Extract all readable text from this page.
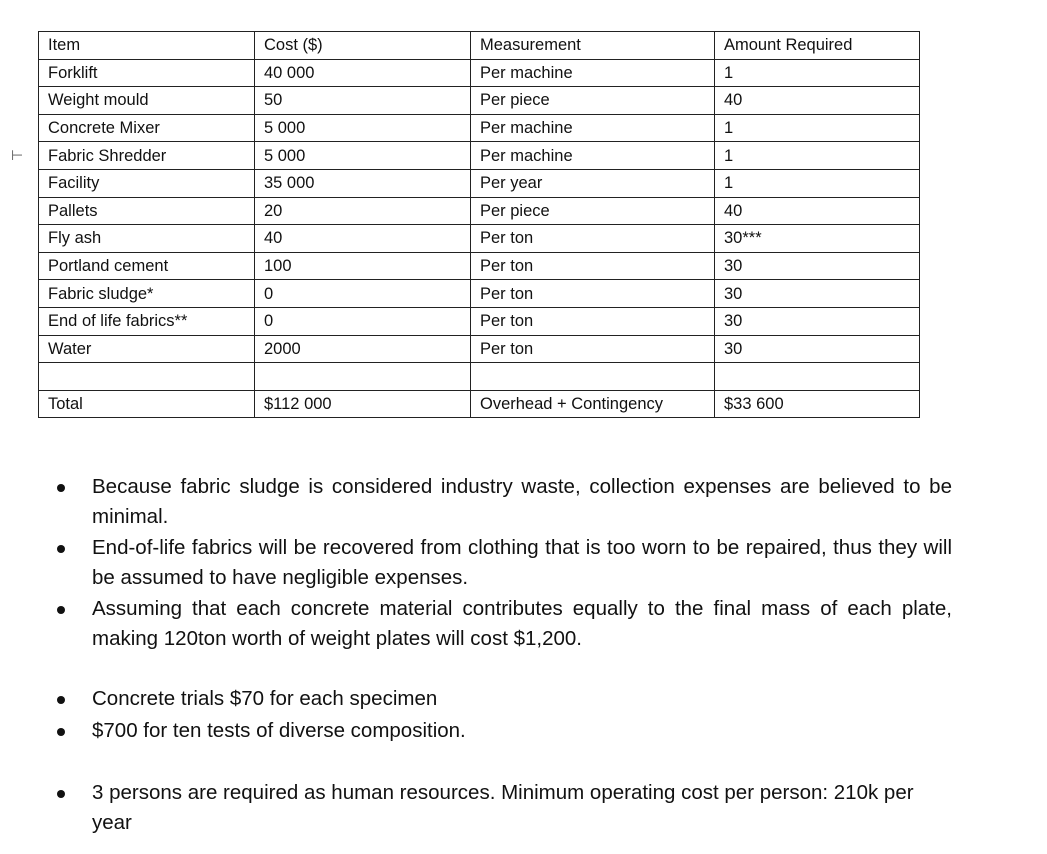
⊢
Item	Cost ($)	Measurement	Amount Required
Forklift	40 000	Per machine	1
Weight mould	50	Per piece	40
Concrete Mixer	5 000	Per machine	1
Fabric Shredder	5 000	Per machine	1
Facility	35 000	Per year	1
Pallets	20	Per piece	40
Fly ash	40	Per ton	30***
Portland cement	100	Per ton	30
Fabric sludge*	0	Per ton	30
End of life fabrics**	0	Per ton	30
Water	2000	Per ton	30

Total	$112 000	Overhead + Contingency	$33 600
Because fabric sludge is considered industry waste, collection expenses are believed to be minimal.
End-of-life fabrics will be recovered from clothing that is too worn to be repaired, thus they will be assumed to have negligible expenses.
Assuming that each concrete material contributes equally to the final mass of each plate, making 120ton worth of weight plates will cost $1,200.
Concrete trials $70 for each specimen
$700 for ten tests of diverse composition.
3 persons are required as human resources. Minimum operating cost per person: 210k per year
